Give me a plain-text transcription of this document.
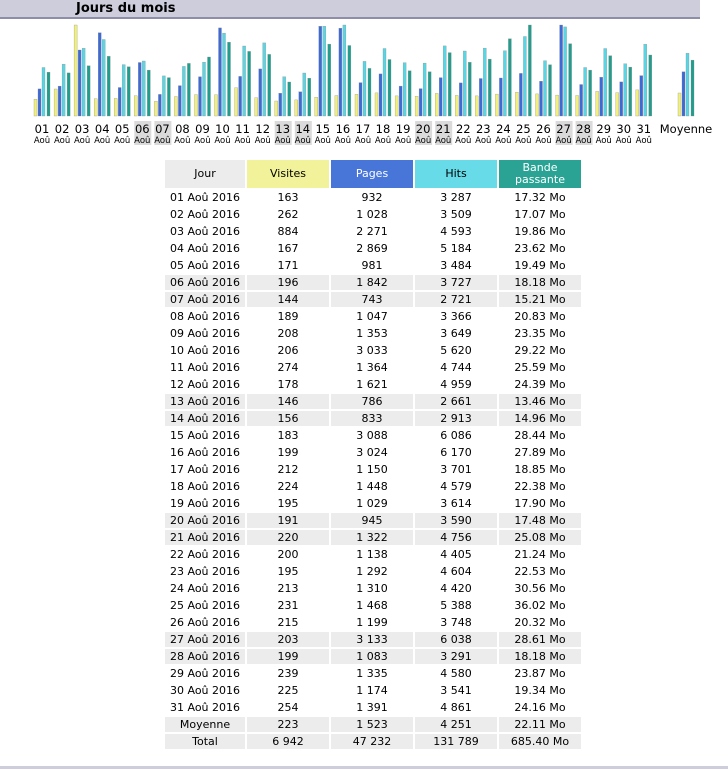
Jours du mois
01
Aoû
02
Aoû
03
Aoû
04
Aoû
05
Aoû
06
Aoû
07
Aoû
08
Aoû
09
Aoû
10
Aoû
11
Aoû
12
Aoû
13
Aoû
14
Aoû
15
Aoû
16
Aoû
17
Aoû
18
Aoû
19
Aoû
20
Aoû
21
Aoû
22
Aoû
23
Aoû
24
Aoû
25
Aoû
26
Aoû
27
Aoû
28
Aoû
29
Aoû
30
Aoû
31
Aoû
Moyenne
Jour	Visites	Pages	Hits	Bande passante
01 Aoû 2016	163	932	3 287	17.32 Mo
02 Aoû 2016	262	1 028	3 509	17.07 Mo
03 Aoû 2016	884	2 271	4 593	19.86 Mo
04 Aoû 2016	167	2 869	5 184	23.62 Mo
05 Aoû 2016	171	981	3 484	19.49 Mo
06 Aoû 2016	196	1 842	3 727	18.18 Mo
07 Aoû 2016	144	743	2 721	15.21 Mo
08 Aoû 2016	189	1 047	3 366	20.83 Mo
09 Aoû 2016	208	1 353	3 649	23.35 Mo
10 Aoû 2016	206	3 033	5 620	29.22 Mo
11 Aoû 2016	274	1 364	4 744	25.59 Mo
12 Aoû 2016	178	1 621	4 959	24.39 Mo
13 Aoû 2016	146	786	2 661	13.46 Mo
14 Aoû 2016	156	833	2 913	14.96 Mo
15 Aoû 2016	183	3 088	6 086	28.44 Mo
16 Aoû 2016	199	3 024	6 170	27.89 Mo
17 Aoû 2016	212	1 150	3 701	18.85 Mo
18 Aoû 2016	224	1 448	4 579	22.38 Mo
19 Aoû 2016	195	1 029	3 614	17.90 Mo
20 Aoû 2016	191	945	3 590	17.48 Mo
21 Aoû 2016	220	1 322	4 756	25.08 Mo
22 Aoû 2016	200	1 138	4 405	21.24 Mo
23 Aoû 2016	195	1 292	4 604	22.53 Mo
24 Aoû 2016	213	1 310	4 420	30.56 Mo
25 Aoû 2016	231	1 468	5 388	36.02 Mo
26 Aoû 2016	215	1 199	3 748	20.32 Mo
27 Aoû 2016	203	3 133	6 038	28.61 Mo
28 Aoû 2016	199	1 083	3 291	18.18 Mo
29 Aoû 2016	239	1 335	4 580	23.87 Mo
30 Aoû 2016	225	1 174	3 541	19.34 Mo
31 Aoû 2016	254	1 391	4 861	24.16 Mo
Moyenne	223	1 523	4 251	22.11 Mo
Total	6 942	47 232	131 789	685.40 Mo
